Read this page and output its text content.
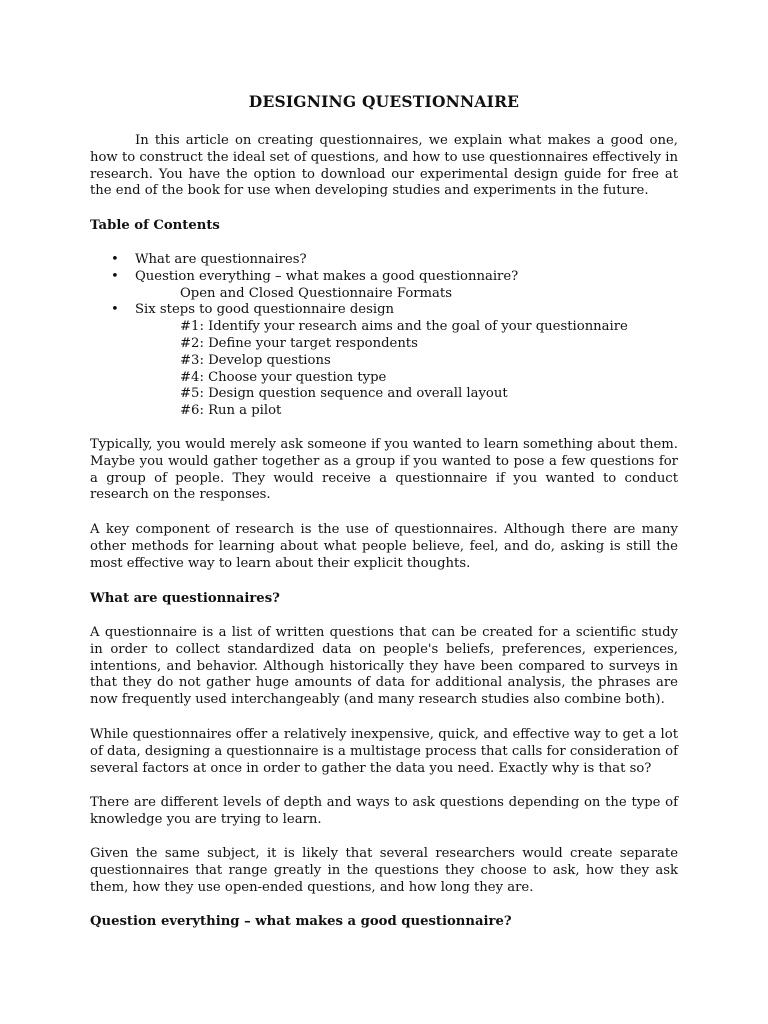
DESIGNING QUESTIONNAIRE

In this article on creating questionnaires, we explain what makes a good one, how to construct the ideal set of questions, and how to use questionnaires effectively in research. You have the option to download our experimental design guide for free at the end of the book for use when developing studies and experiments in the future.

Table of Contents
• What are questionnaires?
• Question everything – what makes a good questionnaire?
Open and Closed Questionnaire Formats
• Six steps to good questionnaire design
#1: Identify your research aims and the goal of your questionnaire
#2: Define your target respondents
#3: Develop questions
#4: Choose your question type
#5: Design question sequence and overall layout
#6: Run a pilot

Typically, you would merely ask someone if you wanted to learn something about them. Maybe you would gather together as a group if you wanted to pose a few questions for a group of people. They would receive a questionnaire if you wanted to conduct research on the responses.

A key component of research is the use of questionnaires. Although there are many other methods for learning about what people believe, feel, and do, asking is still the most effective way to learn about their explicit thoughts.

What are questionnaires?

A questionnaire is a list of written questions that can be created for a scientific study in order to collect standardized data on people's beliefs, preferences, experiences, intentions, and behavior. Although historically they have been compared to surveys in that they do not gather huge amounts of data for additional analysis, the phrases are now frequently used interchangeably (and many research studies also combine both).

While questionnaires offer a relatively inexpensive, quick, and effective way to get a lot of data, designing a questionnaire is a multistage process that calls for consideration of several factors at once in order to gather the data you need. Exactly why is that so?

There are different levels of depth and ways to ask questions depending on the type of knowledge you are trying to learn.

Given the same subject, it is likely that several researchers would create separate questionnaires that range greatly in the questions they choose to ask, how they ask them, how they use open-ended questions, and how long they are.

Question everything – what makes a good questionnaire?
